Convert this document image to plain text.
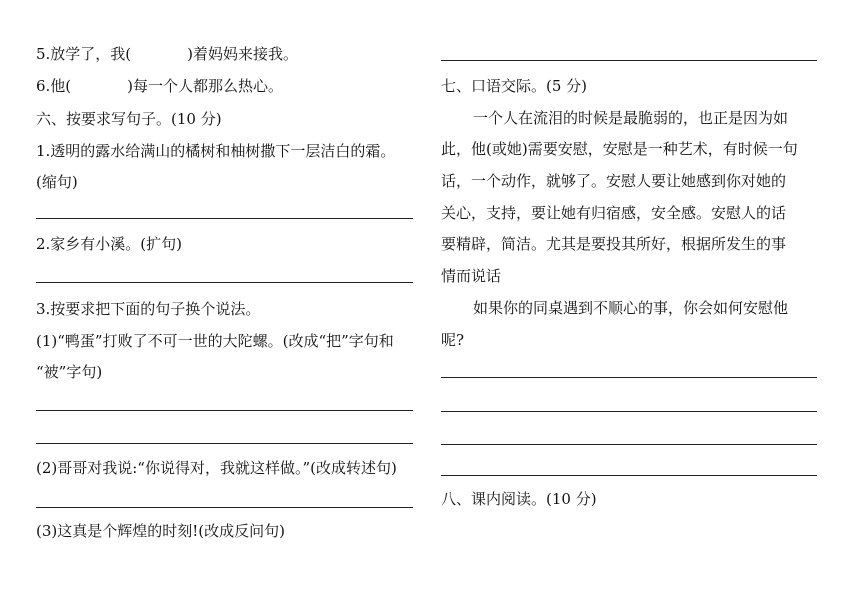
5.放学了，我(	)着妈妈来接我。
6.他(	)每一个人都那么热心。
六、按要求写句子。(10 分)
1.透明的露水给满山的橘树和柚树撒下一层洁白的霜。
(缩句)
2.家乡有小溪。(扩句)
3.按要求把下面的句子换个说法。
(1)“鸭蛋”打败了不可一世的大陀螺。(改成“把”字句和
“被”字句)
(2)哥哥对我说:“你说得对，我就这样做。”(改成转述句)
(3)这真是个辉煌的时刻!(改成反问句)
七、口语交际。(5 分)
一个人在流泪的时候是最脆弱的，也正是因为如
此，他(或她)需要安慰，安慰是一种艺术，有时候一句
话，一个动作，就够了。安慰人要让她感到你对她的
关心，支持，要让她有归宿感，安全感。安慰人的话
要精辟，简洁。尤其是要投其所好，根据所发生的事
情而说话
如果你的同桌遇到不顺心的事，你会如何安慰他
呢?
八、课内阅读。(10 分)
